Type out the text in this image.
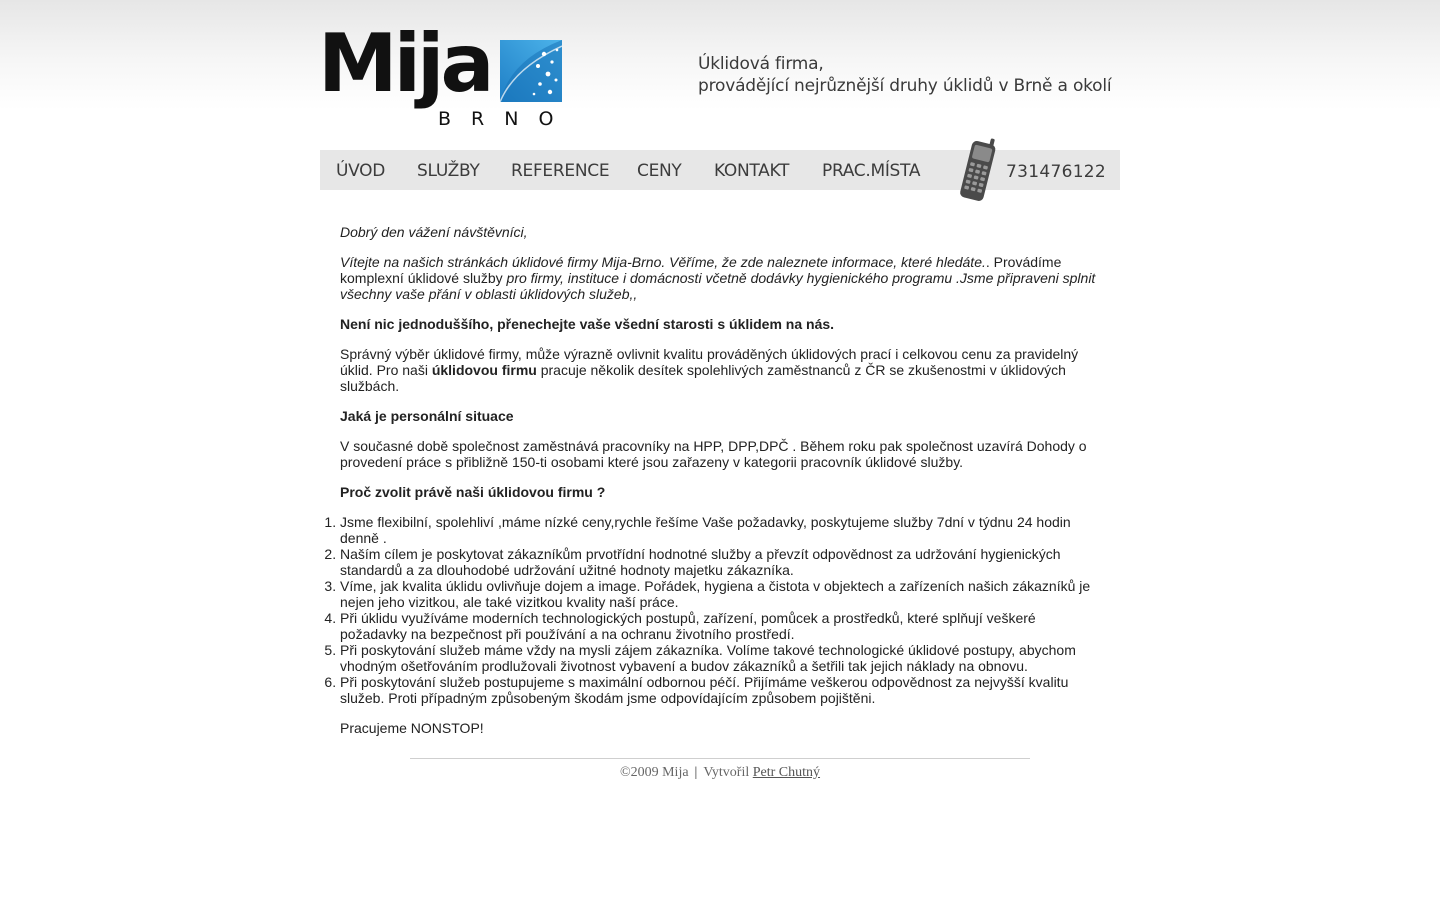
Mija
BRNO
Úklidová firma,
provádějící nejrůznější druhy úklidů v Brně a okolí
ÚVOD SLUŽBY REFERENCE CENY KONTAKT PRAC.MÍSTA	731476122

Dobrý den vážení návštěvníci,

Vítejte na našich stránkách úklidové firmy Mija-Brno. Věříme, že zde naleznete informace, které hledáte.. Provádíme komplexní úklidové služby pro firmy, instituce i domácnosti včetně dodávky hygienického programu .Jsme připraveni splnit všechny vaše přání v oblasti úklidových služeb,,

Není nic jednoduššího, přenechejte vaše všední starosti s úklidem na nás.

Správný výběr úklidové firmy, může výrazně ovlivnit kvalitu prováděných úklidových prací i celkovou cenu za pravidelný úklid. Pro naši úklidovou firmu pracuje několik desítek spolehlivých zaměstnanců z ČR se zkušenostmi v úklidových službách.

Jaká je personální situace

V současné době společnost zaměstnává pracovníky na HPP, DPP,DPČ . Během roku pak společnost uzavírá Dohody o provedení práce s přibližně 150-ti osobami které jsou zařazeny v kategorii pracovník úklidové služby.

Proč zvolit právě naši úklidovou firmu ?

1. Jsme flexibilní, spolehliví ,máme nízké ceny,rychle řešíme Vaše požadavky, poskytujeme služby 7dní v týdnu 24 hodin denně .
2. Naším cílem je poskytovat zákazníkům prvotřídní hodnotné služby a převzít odpovědnost za udržování hygienických standardů a za dlouhodobé udržování užitné hodnoty majetku zákazníka.
3. Víme, jak kvalita úklidu ovlivňuje dojem a image. Pořádek, hygiena a čistota v objektech a zařízeních našich zákazníků je nejen jeho vizitkou, ale také vizitkou kvality naší práce.
4. Při úklidu využíváme moderních technologických postupů, zařízení, pomůcek a prostředků, které splňují veškeré požadavky na bezpečnost při používání a na ochranu životního prostředí.
5. Při poskytování služeb máme vždy na mysli zájem zákazníka. Volíme takové technologické úklidové postupy, abychom vhodným ošetřováním prodlužovali životnost vybavení a budov zákazníků a šetřili tak jejich náklady na obnovu.
6. Při poskytování služeb postupujeme s maximální odbornou péčí. Přijímáme veškerou odpovědnost za nejvyšší kvalitu služeb. Proti případným způsobeným škodám jsme odpovídajícím způsobem pojištěni.

Pracujeme NONSTOP!

©2009 Mija | Vytvořil Petr Chutný
